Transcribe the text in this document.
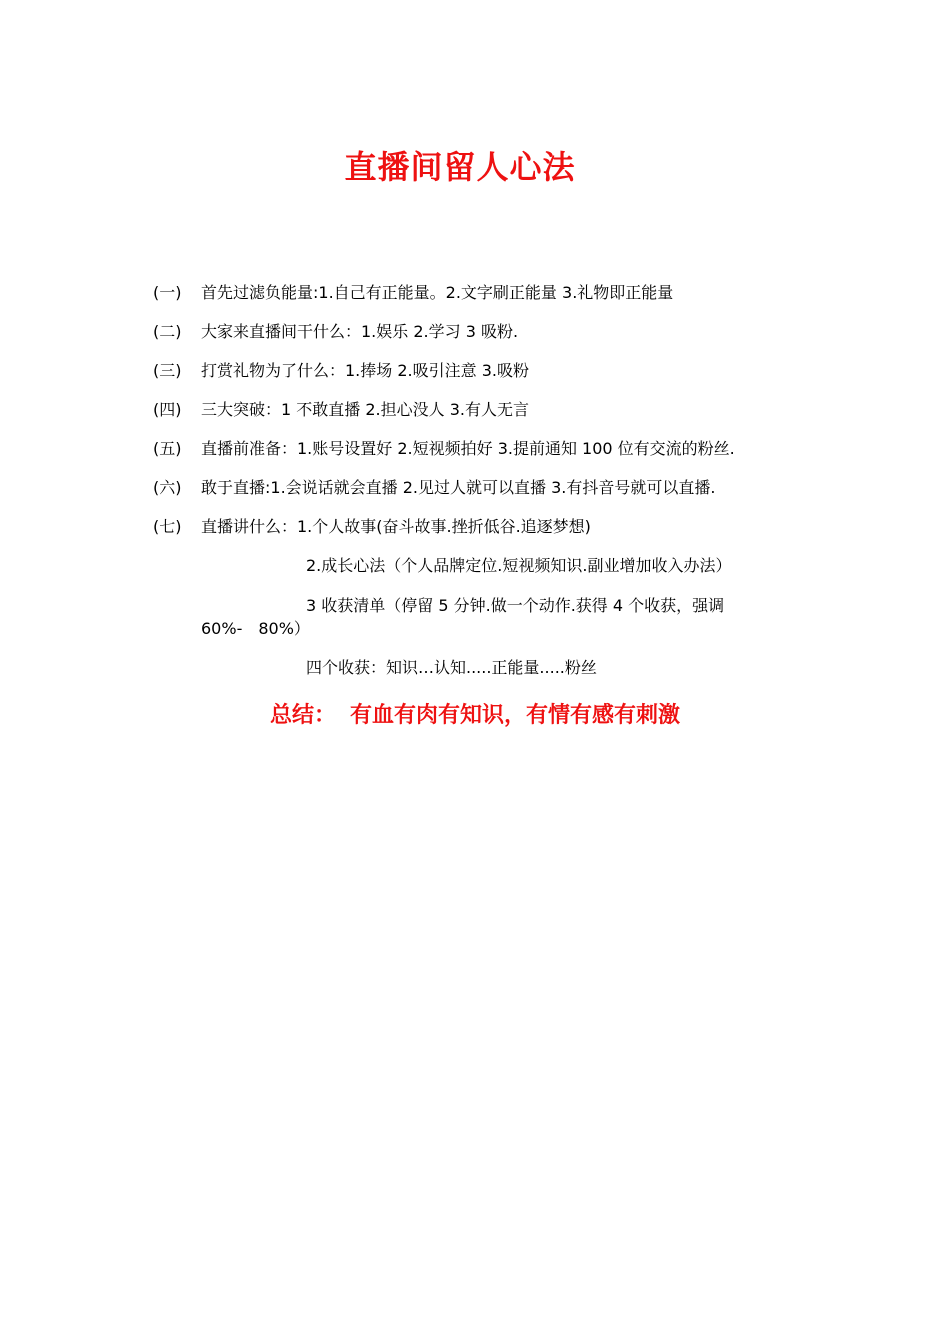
直播间留人心法
(一) 首先过滤负能量:1.自己有正能量。2.文字刷正能量 3.礼物即正能量
(二) 大家来直播间干什么：1.娱乐 2.学习 3 吸粉.
(三) 打赏礼物为了什么：1.捧场 2.吸引注意 3.吸粉
(四) 三大突破：1 不敢直播 2.担心没人 3.有人无言
(五) 直播前准备：1.账号设置好 2.短视频拍好 3.提前通知 100 位有交流的粉丝.
(六) 敢于直播:1.会说话就会直播 2.见过人就可以直播 3.有抖音号就可以直播.
(七) 直播讲什么：1.个人故事(奋斗故事.挫折低谷.追逐梦想)
2.成长心法（个人品牌定位.短视频知识.副业增加收入办法）
3 收获清单（停留 5 分钟.做一个动作.获得 4 个收获，强调
60%-　80%）
四个收获：知识…认知.....正能量.....粉丝
总结： 有血有肉有知识，有情有感有刺激
